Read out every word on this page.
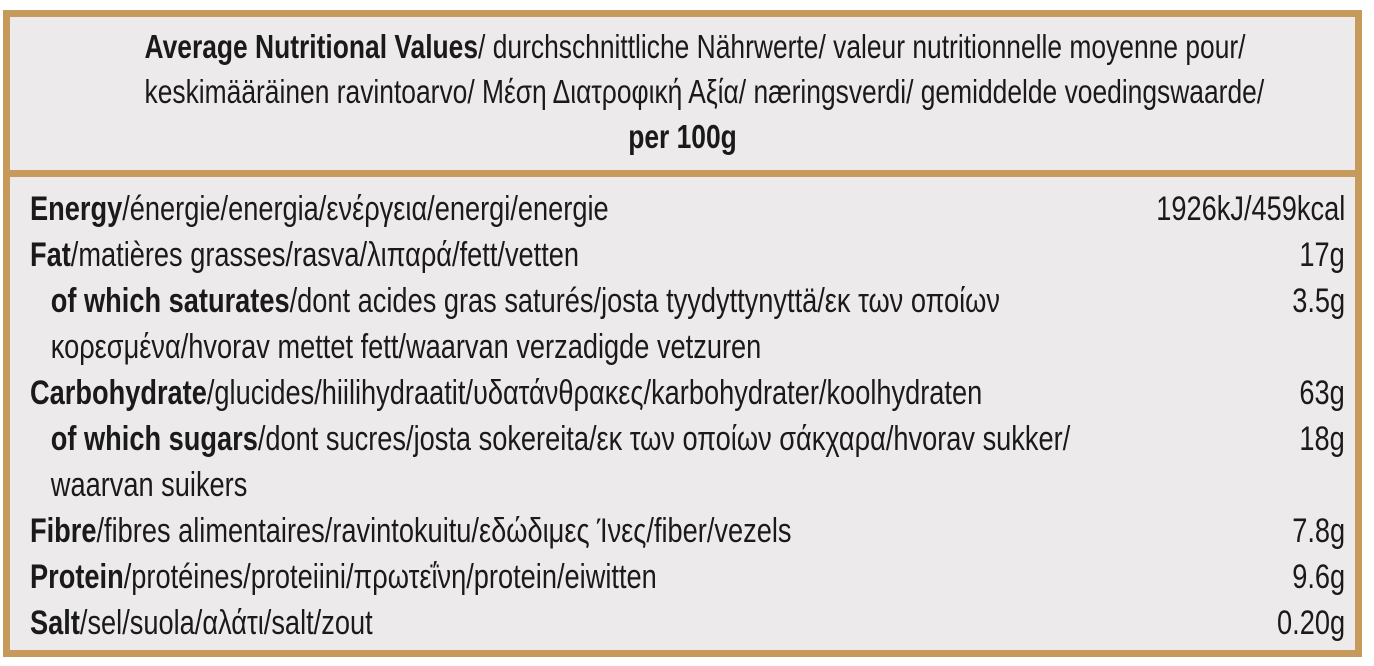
Average Nutritional Values/ durchschnittliche Nährwerte/ valeur nutritionnelle moyenne pour/
keskimääräinen ravintoarvo/ Μέση Διατροφική Αξία/ næringsverdi/ gemiddelde voedingswaarde/
per 100g
Energy/énergie/energia/ενέργεια/energi/energie	1926kJ/459kcal
Fat/matières grasses/rasva/λιπαρά/fett/vetten	17g
of which saturates/dont acides gras saturés/josta tyydyttynyttä/εκ των οποίων	3.5g
κορεσμένα/hvorav mettet fett/waarvan verzadigde vetzuren
Carbohydrate/glucides/hiilihydraatit/υδατάνθρακες/karbohydrater/koolhydraten	63g
of which sugars/dont sucres/josta sokereita/εκ των οποίων σάκχαρα/hvorav sukker/	18g
waarvan suikers
Fibre/fibres alimentaires/ravintokuitu/εδώδιμες Ίνες/fiber/vezels	7.8g
Protein/protéines/proteiini/πρωτεΐνη/protein/eiwitten	9.6g
Salt/sel/suola/αλάτι/salt/zout	0.20g
